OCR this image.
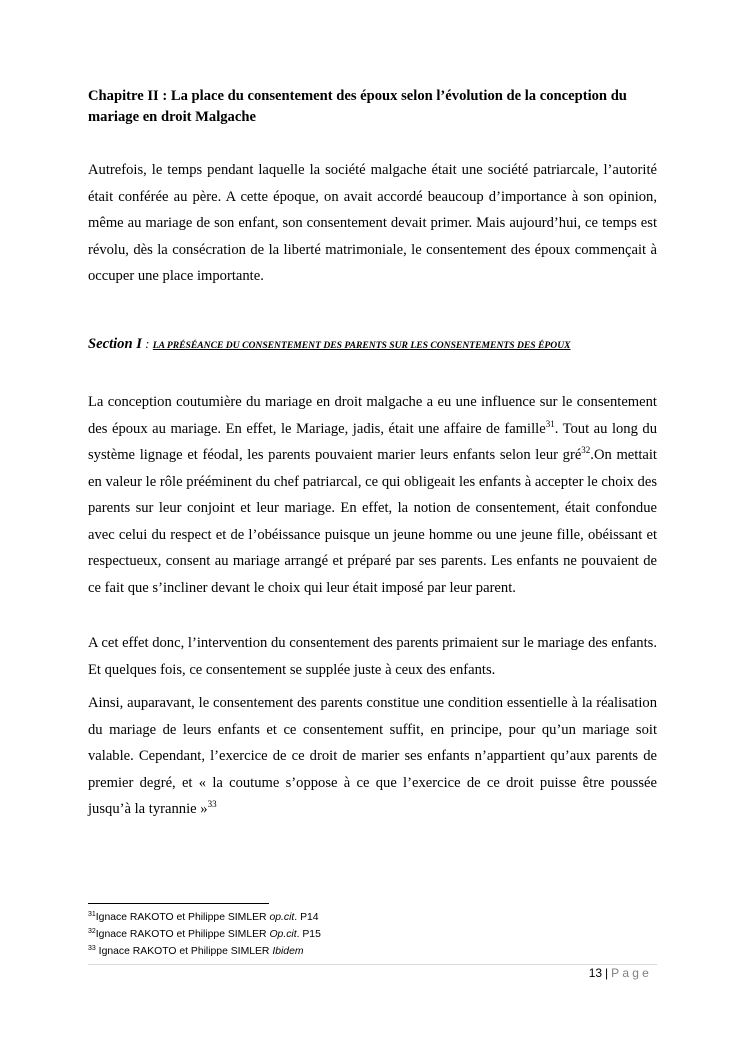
Chapitre II : La place du consentement des époux selon l’évolution de la conception du mariage en droit Malgache

Autrefois, le temps pendant laquelle la société malgache était une société patriarcale, l’autorité était conférée au père. A cette époque, on avait accordé beaucoup d’importance à son opinion, même au mariage de son enfant, son consentement devait primer. Mais aujourd’hui, ce temps est révolu, dès la consécration de la liberté matrimoniale, le consentement des époux commençait à occuper une place importante.

Section I : LA PRÉSÉANCE DU CONSENTEMENT DES PARENTS SUR LES CONSENTEMENTS DES ÉPOUX

La conception coutumière du mariage en droit malgache a eu une influence sur le consentement des époux au mariage. En effet, le Mariage, jadis, était une affaire de famille$^{31}$. Tout au long du système lignage et féodal, les parents pouvaient marier leurs enfants selon leur gré$^{32}$.On mettait en valeur le rôle prééminent du chef patriarcal, ce qui obligeait les enfants à accepter le choix des parents sur leur conjoint et leur mariage. En effet, la notion de consentement, était confondue avec celui du respect et de l’obéissance puisque un jeune homme ou une jeune fille, obéissant et respectueux, consent au mariage arrangé et préparé par ses parents. Les enfants ne pouvaient de ce fait que s’incliner devant le choix qui leur était imposé par leur parent.

A cet effet donc, l’intervention du consentement des parents primaient sur le mariage des enfants. Et quelques fois, ce consentement se supplée juste à ceux des enfants.

Ainsi, auparavant, le consentement des parents constitue une condition essentielle à la réalisation du mariage de leurs enfants et ce consentement suffit, en principe, pour qu’un mariage soit valable. Cependant, l’exercice de ce droit de marier ses enfants n’appartient qu’aux parents de premier degré, et « la coutume s’oppose à ce que l’exercice de ce droit puisse être poussée jusqu’à la tyrannie »$^{33}$

$^{31}$Ignace RAKOTO et Philippe SIMLER op.cit. P14
$^{32}$Ignace RAKOTO et Philippe SIMLER Op.cit. P15
$^{33}$ Ignace RAKOTO et Philippe SIMLER Ibidem
13 | Page
